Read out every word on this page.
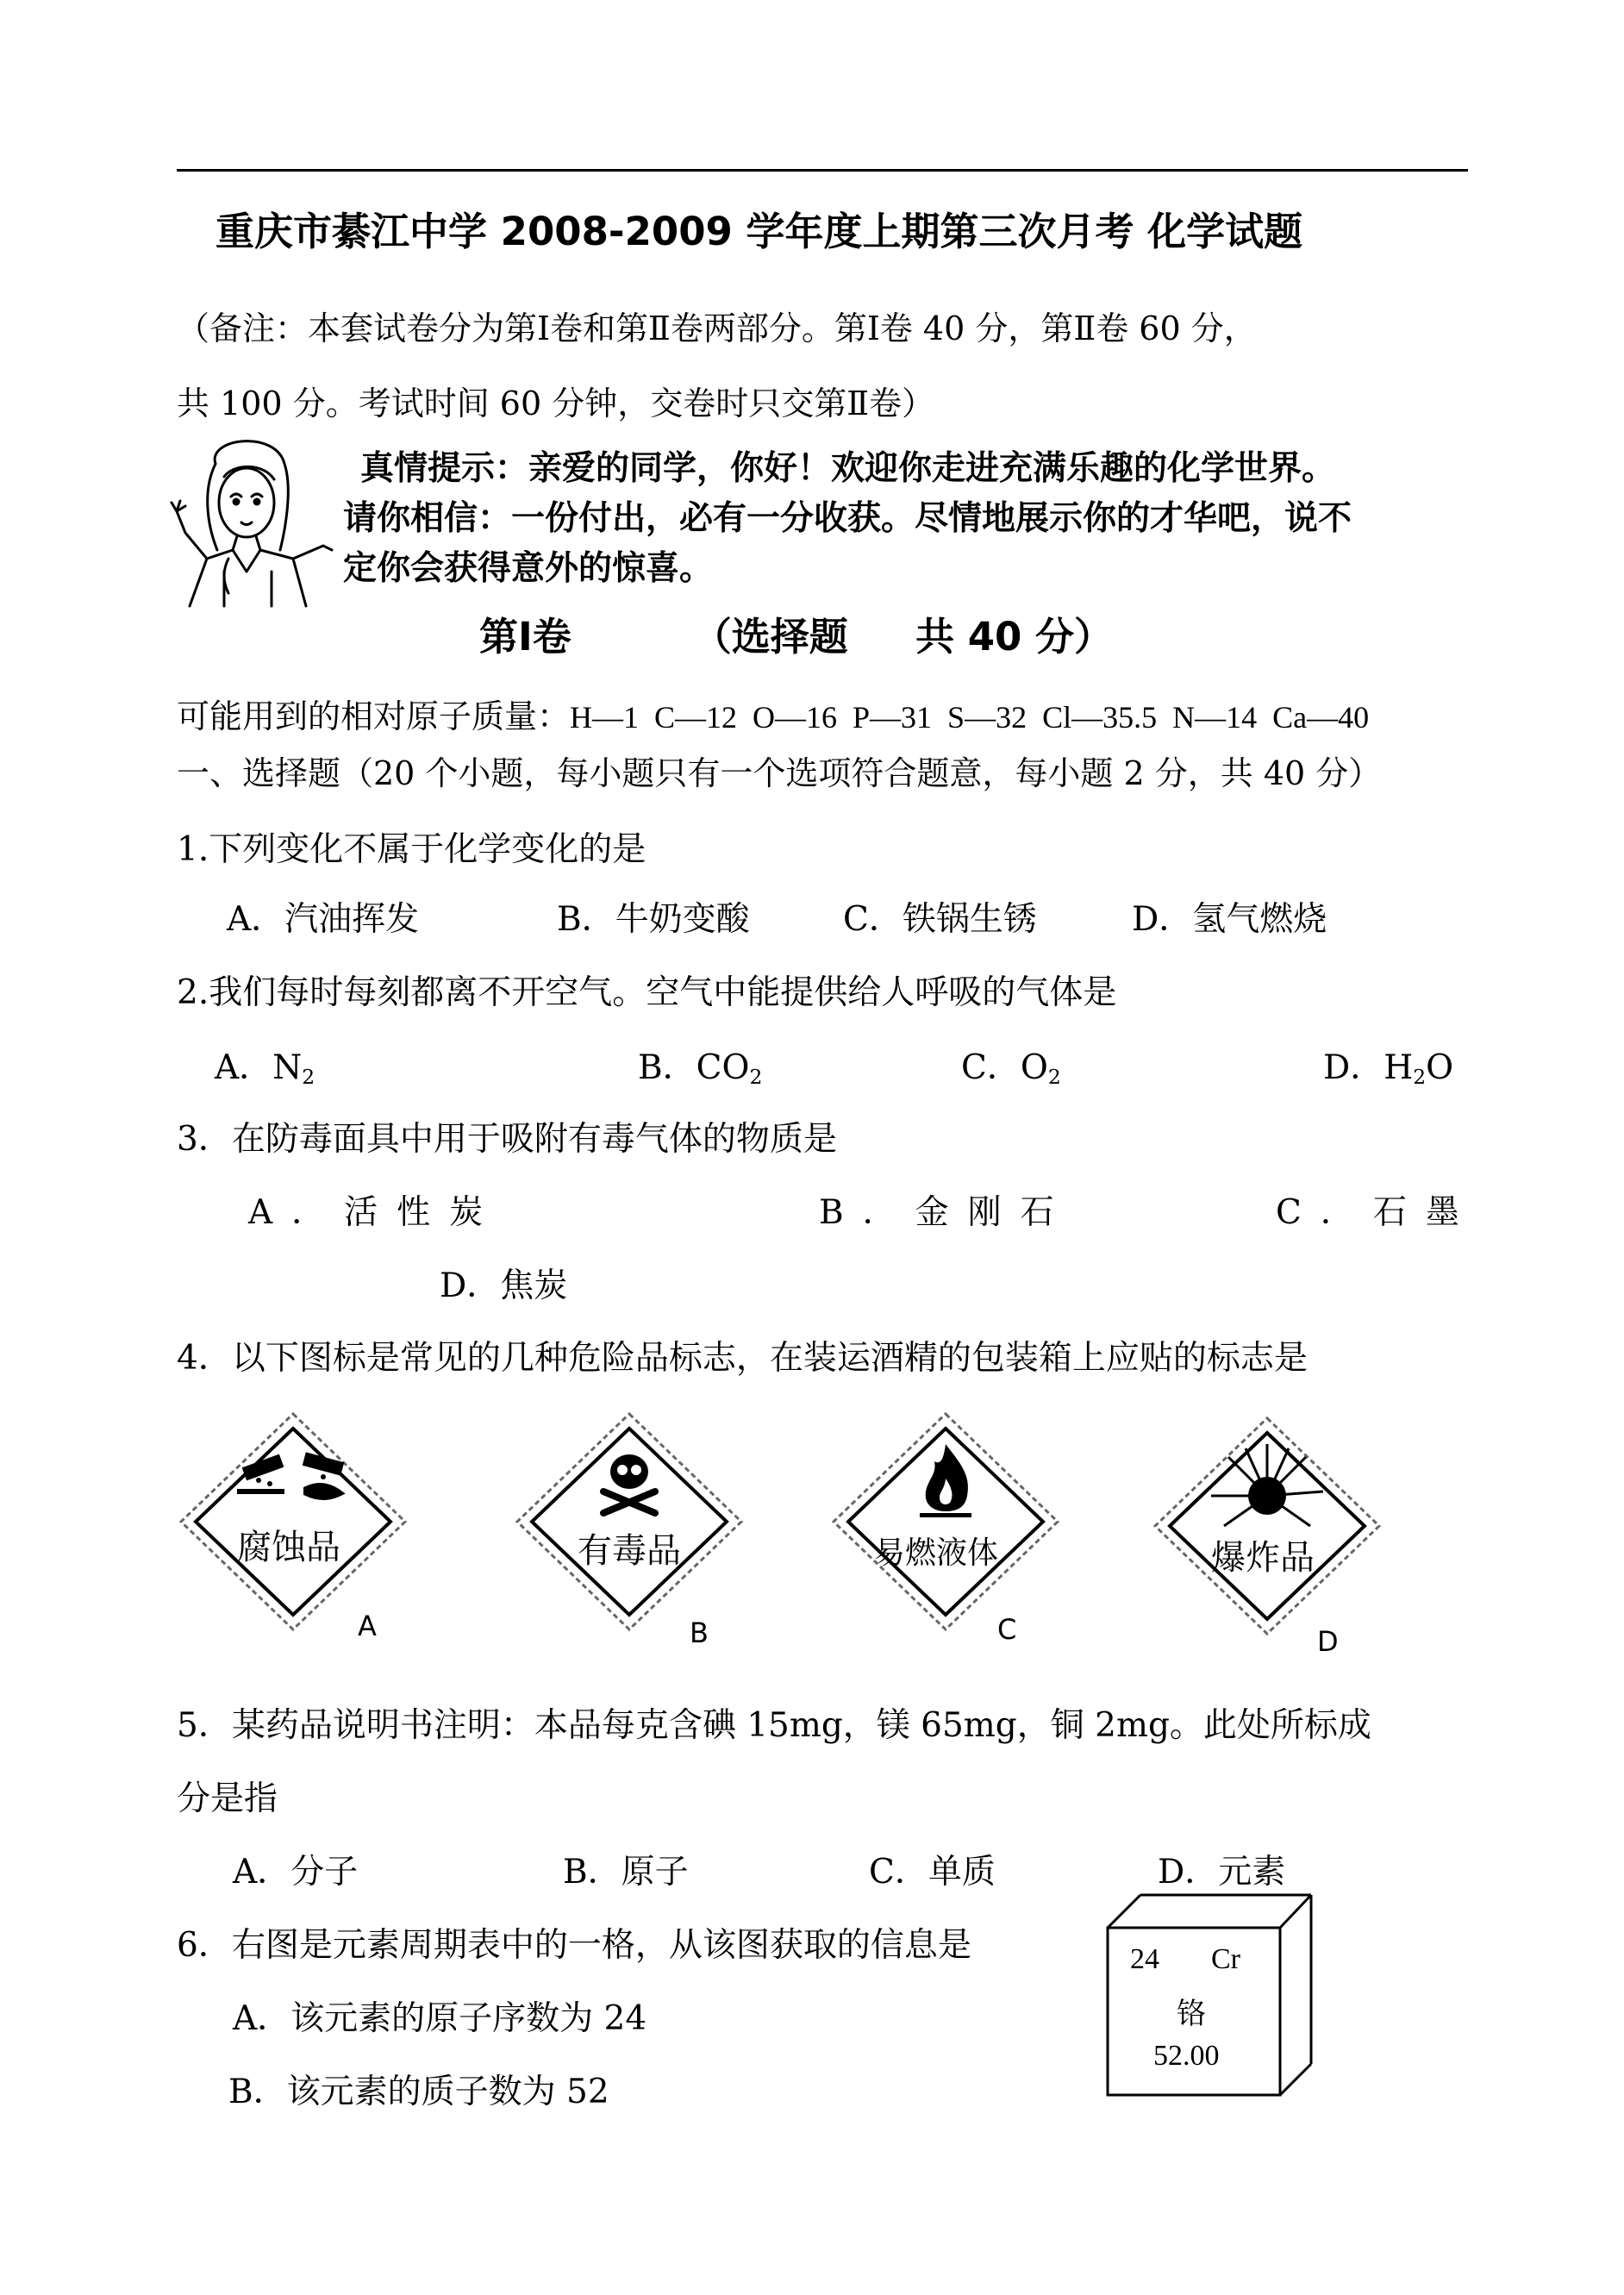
重庆市綦江中学 2008-2009 学年度上期第三次月考 化学试题
（备注：本套试卷分为第Ⅰ卷和第Ⅱ卷两部分。第Ⅰ卷 40 分，第Ⅱ卷 60 分，
共 100 分。考试时间 60 分钟，交卷时只交第Ⅱ卷）
真情提示：亲爱的同学，你好！欢迎你走进充满乐趣的化学世界。
请你相信：一份付出，必有一分收获。尽情地展示你的才华吧，说不
定你会获得意外的惊喜。
第Ⅰ卷         （选择题     共 40 分）
可能用到的相对原子质量：H—1  C—12  O—16  P—31  S—32  Cl—35.5  N—14  Ca—40
一、选择题（20 个小题，每小题只有一个选项符合题意，每小题 2 分，共 40 分）
1.下列变化不属于化学变化的是
A．汽油挥发	B．牛奶变酸	C．铁锅生锈	D．氢气燃烧
2.我们每时每刻都离不开空气。空气中能提供给人呼吸的气体是
A．$N_2$	B．$CO_2$	C．$O_2$	D．$H_2O$
3．在防毒面具中用于吸附有毒气体的物质是
A．活性炭	B．金刚石	C．石墨
D．焦炭
4．以下图标是常见的几种危险品标志，在装运酒精的包装箱上应贴的标志是
腐蚀品
A
有毒品
B
易燃液体
C
爆炸品
D
5．某药品说明书注明：本品每克含碘 15mg，镁 65mg，铜 2mg。此处所标成
分是指
A．分子	B．原子	C．单质	D．元素
6．右图是元素周期表中的一格，从该图获取的信息是
A．该元素的原子序数为 24
B．该元素的质子数为 52
24 Cr
铬
52.00
